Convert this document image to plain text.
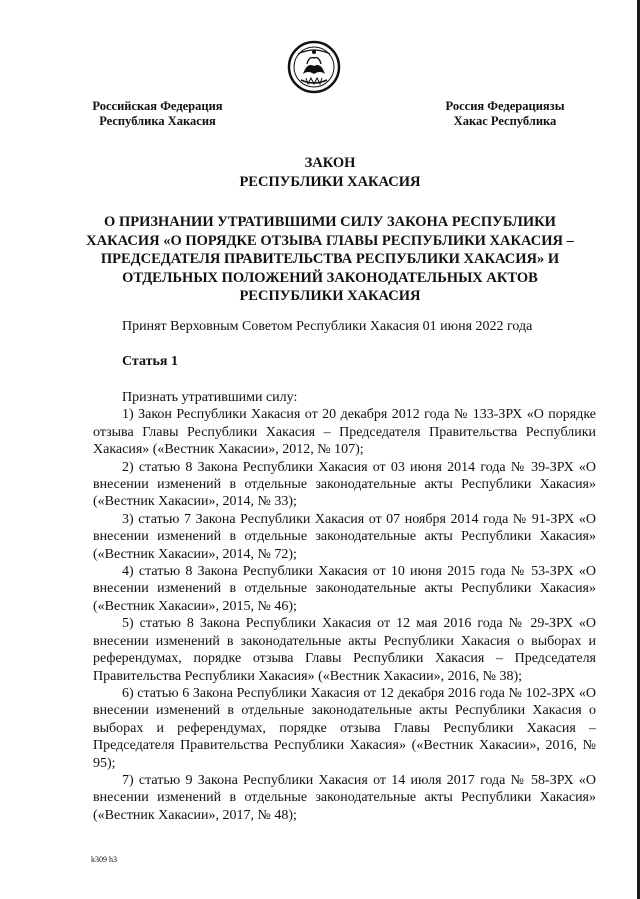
Российская Федерация
Республика Хакасия
Россия Федерациязы
Хакас Республика
ЗАКОН
РЕСПУБЛИКИ ХАКАСИЯ
О ПРИЗНАНИИ УТРАТИВШИМИ СИЛУ ЗАКОНА РЕСПУБЛИКИ ХАКАСИЯ «О ПОРЯДКЕ ОТЗЫВА ГЛАВЫ РЕСПУБЛИКИ ХАКАСИЯ – ПРЕДСЕДАТЕЛЯ ПРАВИТЕЛЬСТВА РЕСПУБЛИКИ ХАКАСИЯ» И ОТДЕЛЬНЫХ ПОЛОЖЕНИЙ ЗАКОНОДАТЕЛЬНЫХ АКТОВ РЕСПУБЛИКИ ХАКАСИЯ
Принят Верховным Советом Республики Хакасия 01 июня 2022 года
Статья 1

Признать утратившими силу:

1) Закон Республики Хакасия от 20 декабря 2012 года № 133-ЗРХ «О порядке отзыва Главы Республики Хакасия – Председателя Правительства Республики Хакасия» («Вестник Хакасии», 2012, № 107);

2) статью 8 Закона Республики Хакасия от 03 июня 2014 года № 39-ЗРХ «О внесении изменений в отдельные законодательные акты Республики Хакасия» («Вестник Хакасии», 2014, № 33);

3) статью 7 Закона Республики Хакасия от 07 ноября 2014 года № 91-ЗРХ «О внесении изменений в отдельные законодательные акты Республики Хакасия» («Вестник Хакасии», 2014, № 72);

4) статью 8 Закона Республики Хакасия от 10 июня 2015 года № 53-ЗРХ «О внесении изменений в отдельные законодательные акты Республики Хакасия» («Вестник Хакасии», 2015, № 46);

5) статью 8 Закона Республики Хакасия от 12 мая 2016 года № 29-ЗРХ «О внесении изменений в законодательные акты Республики Хакасия о выборах и референдумах, порядке отзыва Главы Республики Хакасия – Председателя Правительства Республики Хакасия» («Вестник Хакасии», 2016, № 38);

6) статью 6 Закона Республики Хакасия от 12 декабря 2016 года № 102-ЗРХ «О внесении изменений в отдельные законодательные акты Республики Хакасия о выборах и референдумах, порядке отзыва Главы Республики Хакасия – Председателя Правительства Республики Хакасия» («Вестник Хакасии», 2016, № 95);

7) статью 9 Закона Республики Хакасия от 14 июля 2017 года № 58-ЗРХ «О внесении изменений в отдельные законодательные акты Республики Хакасия» («Вестник Хакасии», 2017, № 48);

k309 h3
